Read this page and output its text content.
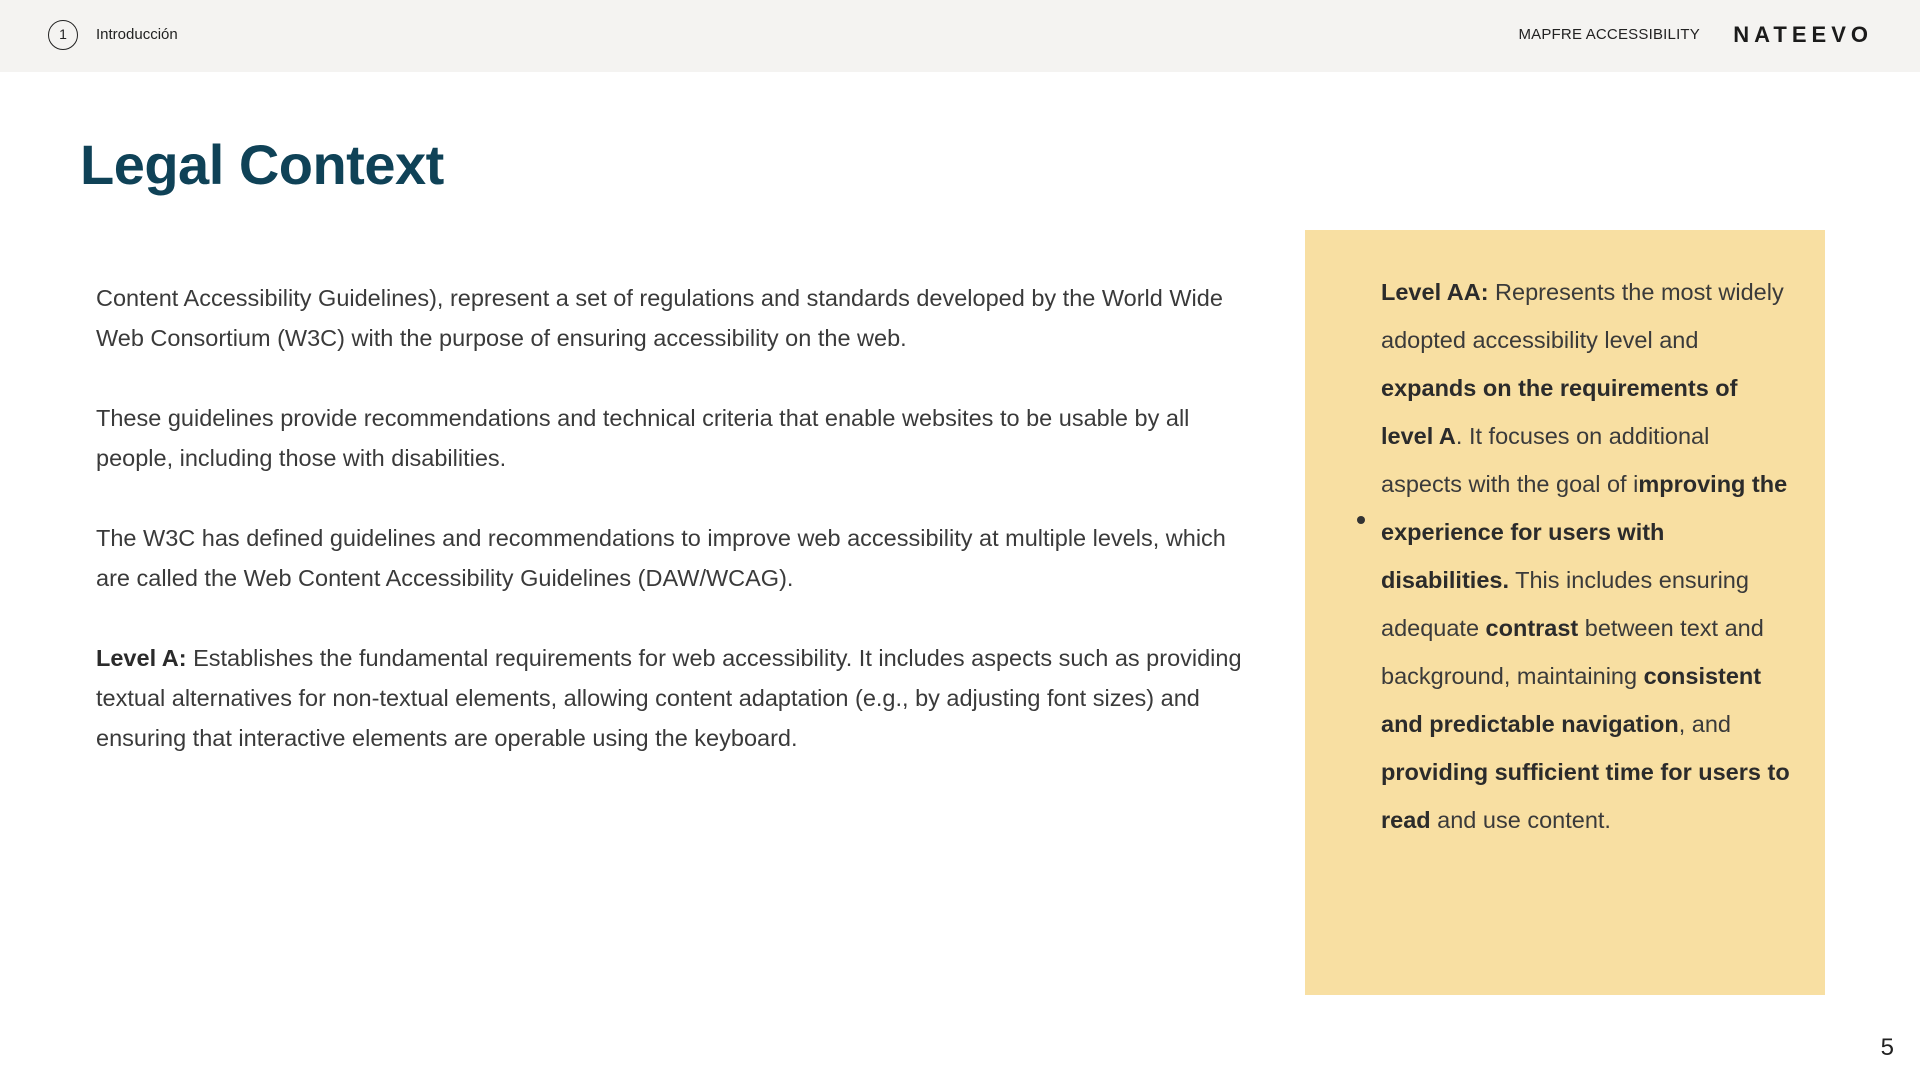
1	Introducción	MAPFRE ACCESSIBILITY NATEEVO
Legal Context

Content Accessibility Guidelines), represent a set of regulations and standards developed by the World Wide Web Consortium (W3C) with the purpose of ensuring accessibility on the web.

These guidelines provide recommendations and technical criteria that enable websites to be usable by all people, including those with disabilities.

The W3C has defined guidelines and recommendations to improve web accessibility at multiple levels, which are called the Web Content Accessibility Guidelines (DAW/WCAG).

Level A: Establishes the fundamental requirements for web accessibility. It includes aspects such as providing textual alternatives for non-textual elements, allowing content adaptation (e.g., by adjusting font sizes) and ensuring that interactive elements are operable using the keyboard.

Level AA: Represents the most widely adopted accessibility level and expands on the requirements of level A. It focuses on additional aspects with the goal of improving the experience for users with disabilities. This includes ensuring adequate contrast between text and background, maintaining consistent and predictable navigation, and providing sufficient time for users to read and use content.
5
